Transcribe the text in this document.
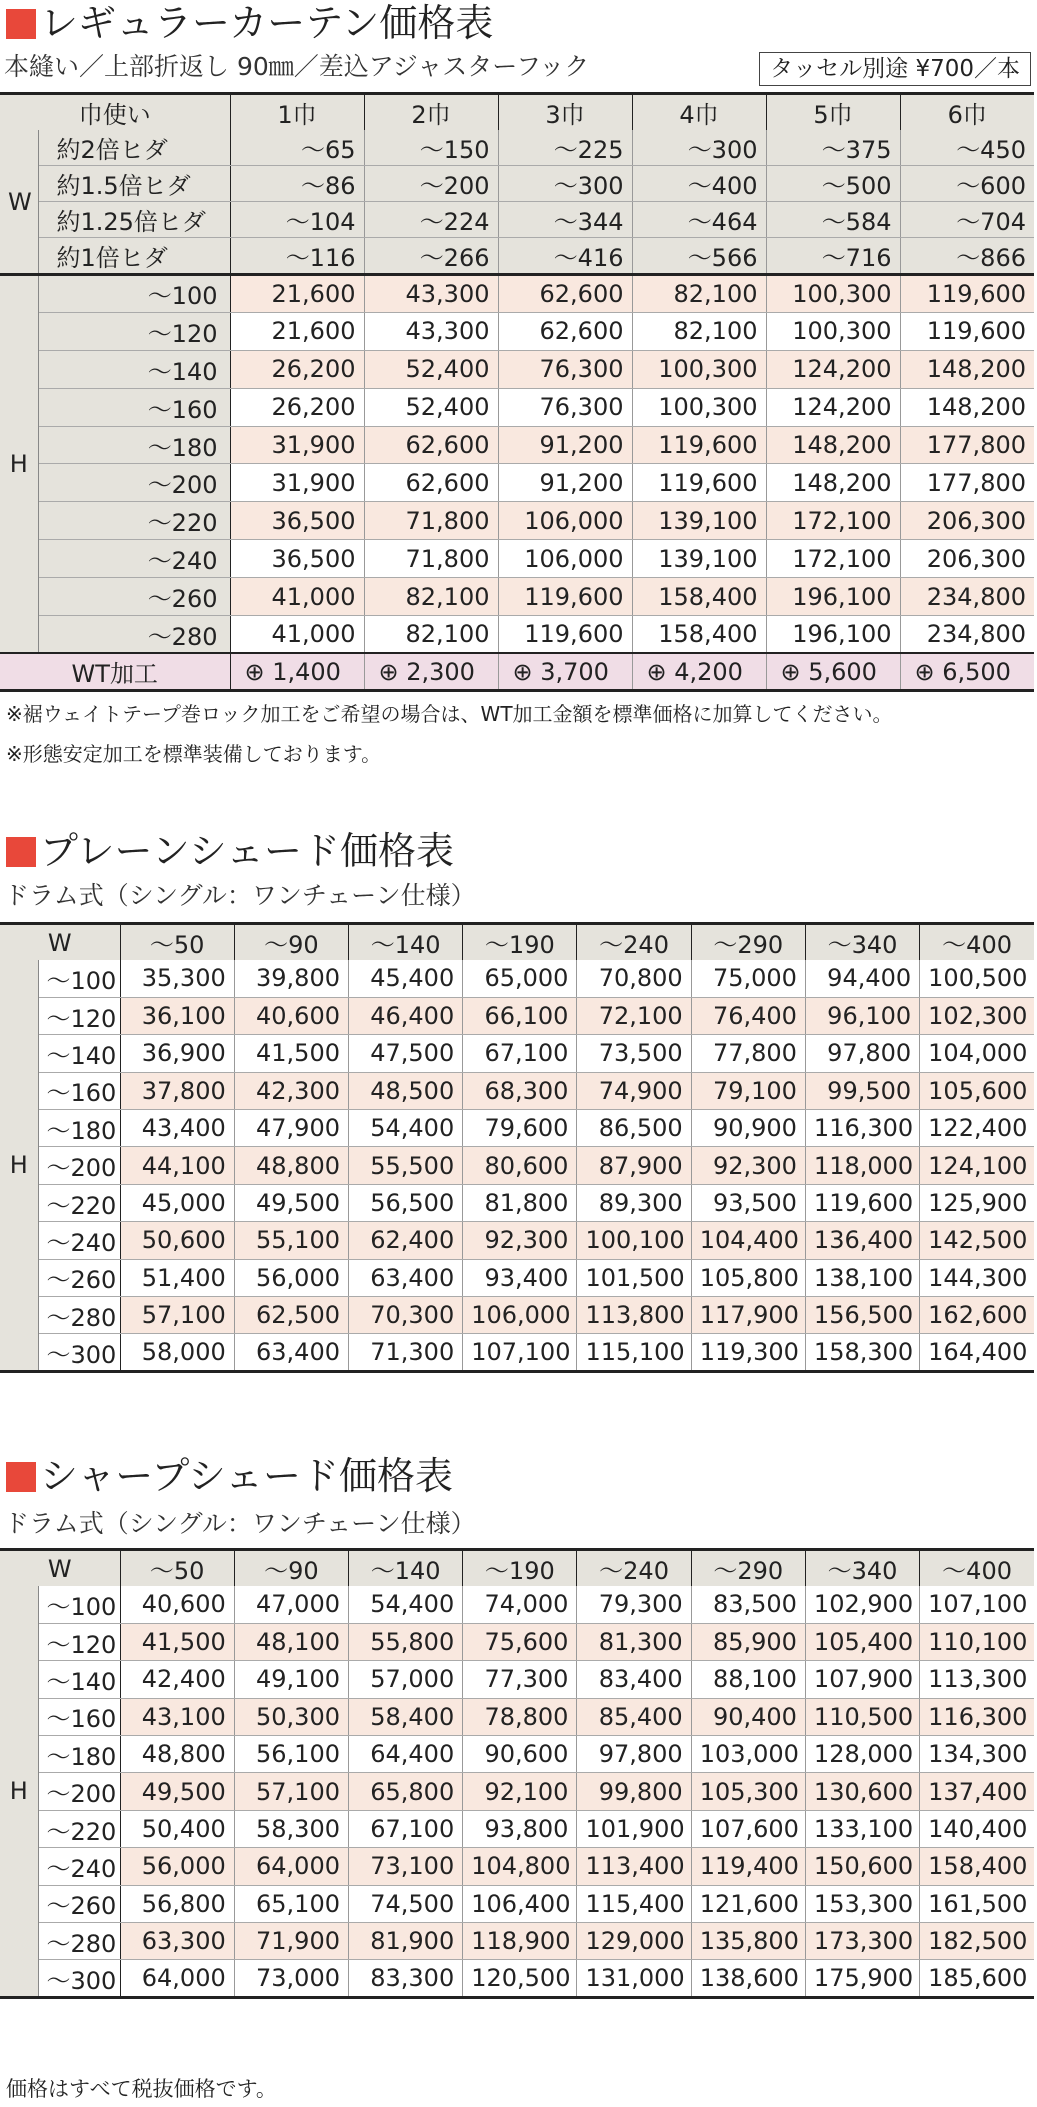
レギュラーカーテン価格表
本縫い／上部折返し 90㎜／差込アジャスターフック	タッセル別途 ¥700／本
巾使い		1巾	2巾	3巾	4巾	5巾	6巾
W	約2倍ヒダ	～65	～150	～225	～300	～375	～450
	約1.5倍ヒダ	～86	～200	～300	～400	～500	～600
	約1.25倍ヒダ	～104	～224	～344	～464	～584	～704
	約1倍ヒダ	～116	～266	～416	～566	～716	～866
H	～100	21,600	43,300	62,600	82,100	100,300	119,600
	～120	21,600	43,300	62,600	82,100	100,300	119,600
	～140	26,200	52,400	76,300	100,300	124,200	148,200
	～160	26,200	52,400	76,300	100,300	124,200	148,200
	～180	31,900	62,600	91,200	119,600	148,200	177,800
	～200	31,900	62,600	91,200	119,600	148,200	177,800
	～220	36,500	71,800	106,000	139,100	172,100	206,300
	～240	36,500	71,800	106,000	139,100	172,100	206,300
	～260	41,000	82,100	119,600	158,400	196,100	234,800
	～280	41,000	82,100	119,600	158,400	196,100	234,800
WT加工		⊕ 1,400	⊕ 2,300	⊕ 3,700	⊕ 4,200	⊕ 5,600	⊕ 6,500
※裾ウェイトテープ巻ロック加工をご希望の場合は、WT加工金額を標準価格に加算してください。
※形態安定加工を標準装備しております。
プレーンシェード価格表
ドラム式（シングル：ワンチェーン仕様）
W		～50	～90	～140	～190	～240	～290	～340	～400
H	～100	35,300	39,800	45,400	65,000	70,800	75,000	94,400	100,500
	～120	36,100	40,600	46,400	66,100	72,100	76,400	96,100	102,300
	～140	36,900	41,500	47,500	67,100	73,500	77,800	97,800	104,000
	～160	37,800	42,300	48,500	68,300	74,900	79,100	99,500	105,600
	～180	43,400	47,900	54,400	79,600	86,500	90,900	116,300	122,400
	～200	44,100	48,800	55,500	80,600	87,900	92,300	118,000	124,100
	～220	45,000	49,500	56,500	81,800	89,300	93,500	119,600	125,900
	～240	50,600	55,100	62,400	92,300	100,100	104,400	136,400	142,500
	～260	51,400	56,000	63,400	93,400	101,500	105,800	138,100	144,300
	～280	57,100	62,500	70,300	106,000	113,800	117,900	156,500	162,600
	～300	58,000	63,400	71,300	107,100	115,100	119,300	158,300	164,400
シャープシェード価格表
ドラム式（シングル：ワンチェーン仕様）
W		～50	～90	～140	～190	～240	～290	～340	～400
H	～100	40,600	47,000	54,400	74,000	79,300	83,500	102,900	107,100
	～120	41,500	48,100	55,800	75,600	81,300	85,900	105,400	110,100
	～140	42,400	49,100	57,000	77,300	83,400	88,100	107,900	113,300
	～160	43,100	50,300	58,400	78,800	85,400	90,400	110,500	116,300
	～180	48,800	56,100	64,400	90,600	97,800	103,000	128,000	134,300
	～200	49,500	57,100	65,800	92,100	99,800	105,300	130,600	137,400
	～220	50,400	58,300	67,100	93,800	101,900	107,600	133,100	140,400
	～240	56,000	64,000	73,100	104,800	113,400	119,400	150,600	158,400
	～260	56,800	65,100	74,500	106,400	115,400	121,600	153,300	161,500
	～280	63,300	71,900	81,900	118,900	129,000	135,800	173,300	182,500
	～300	64,000	73,000	83,300	120,500	131,000	138,600	175,900	185,600
価格はすべて税抜価格です。
